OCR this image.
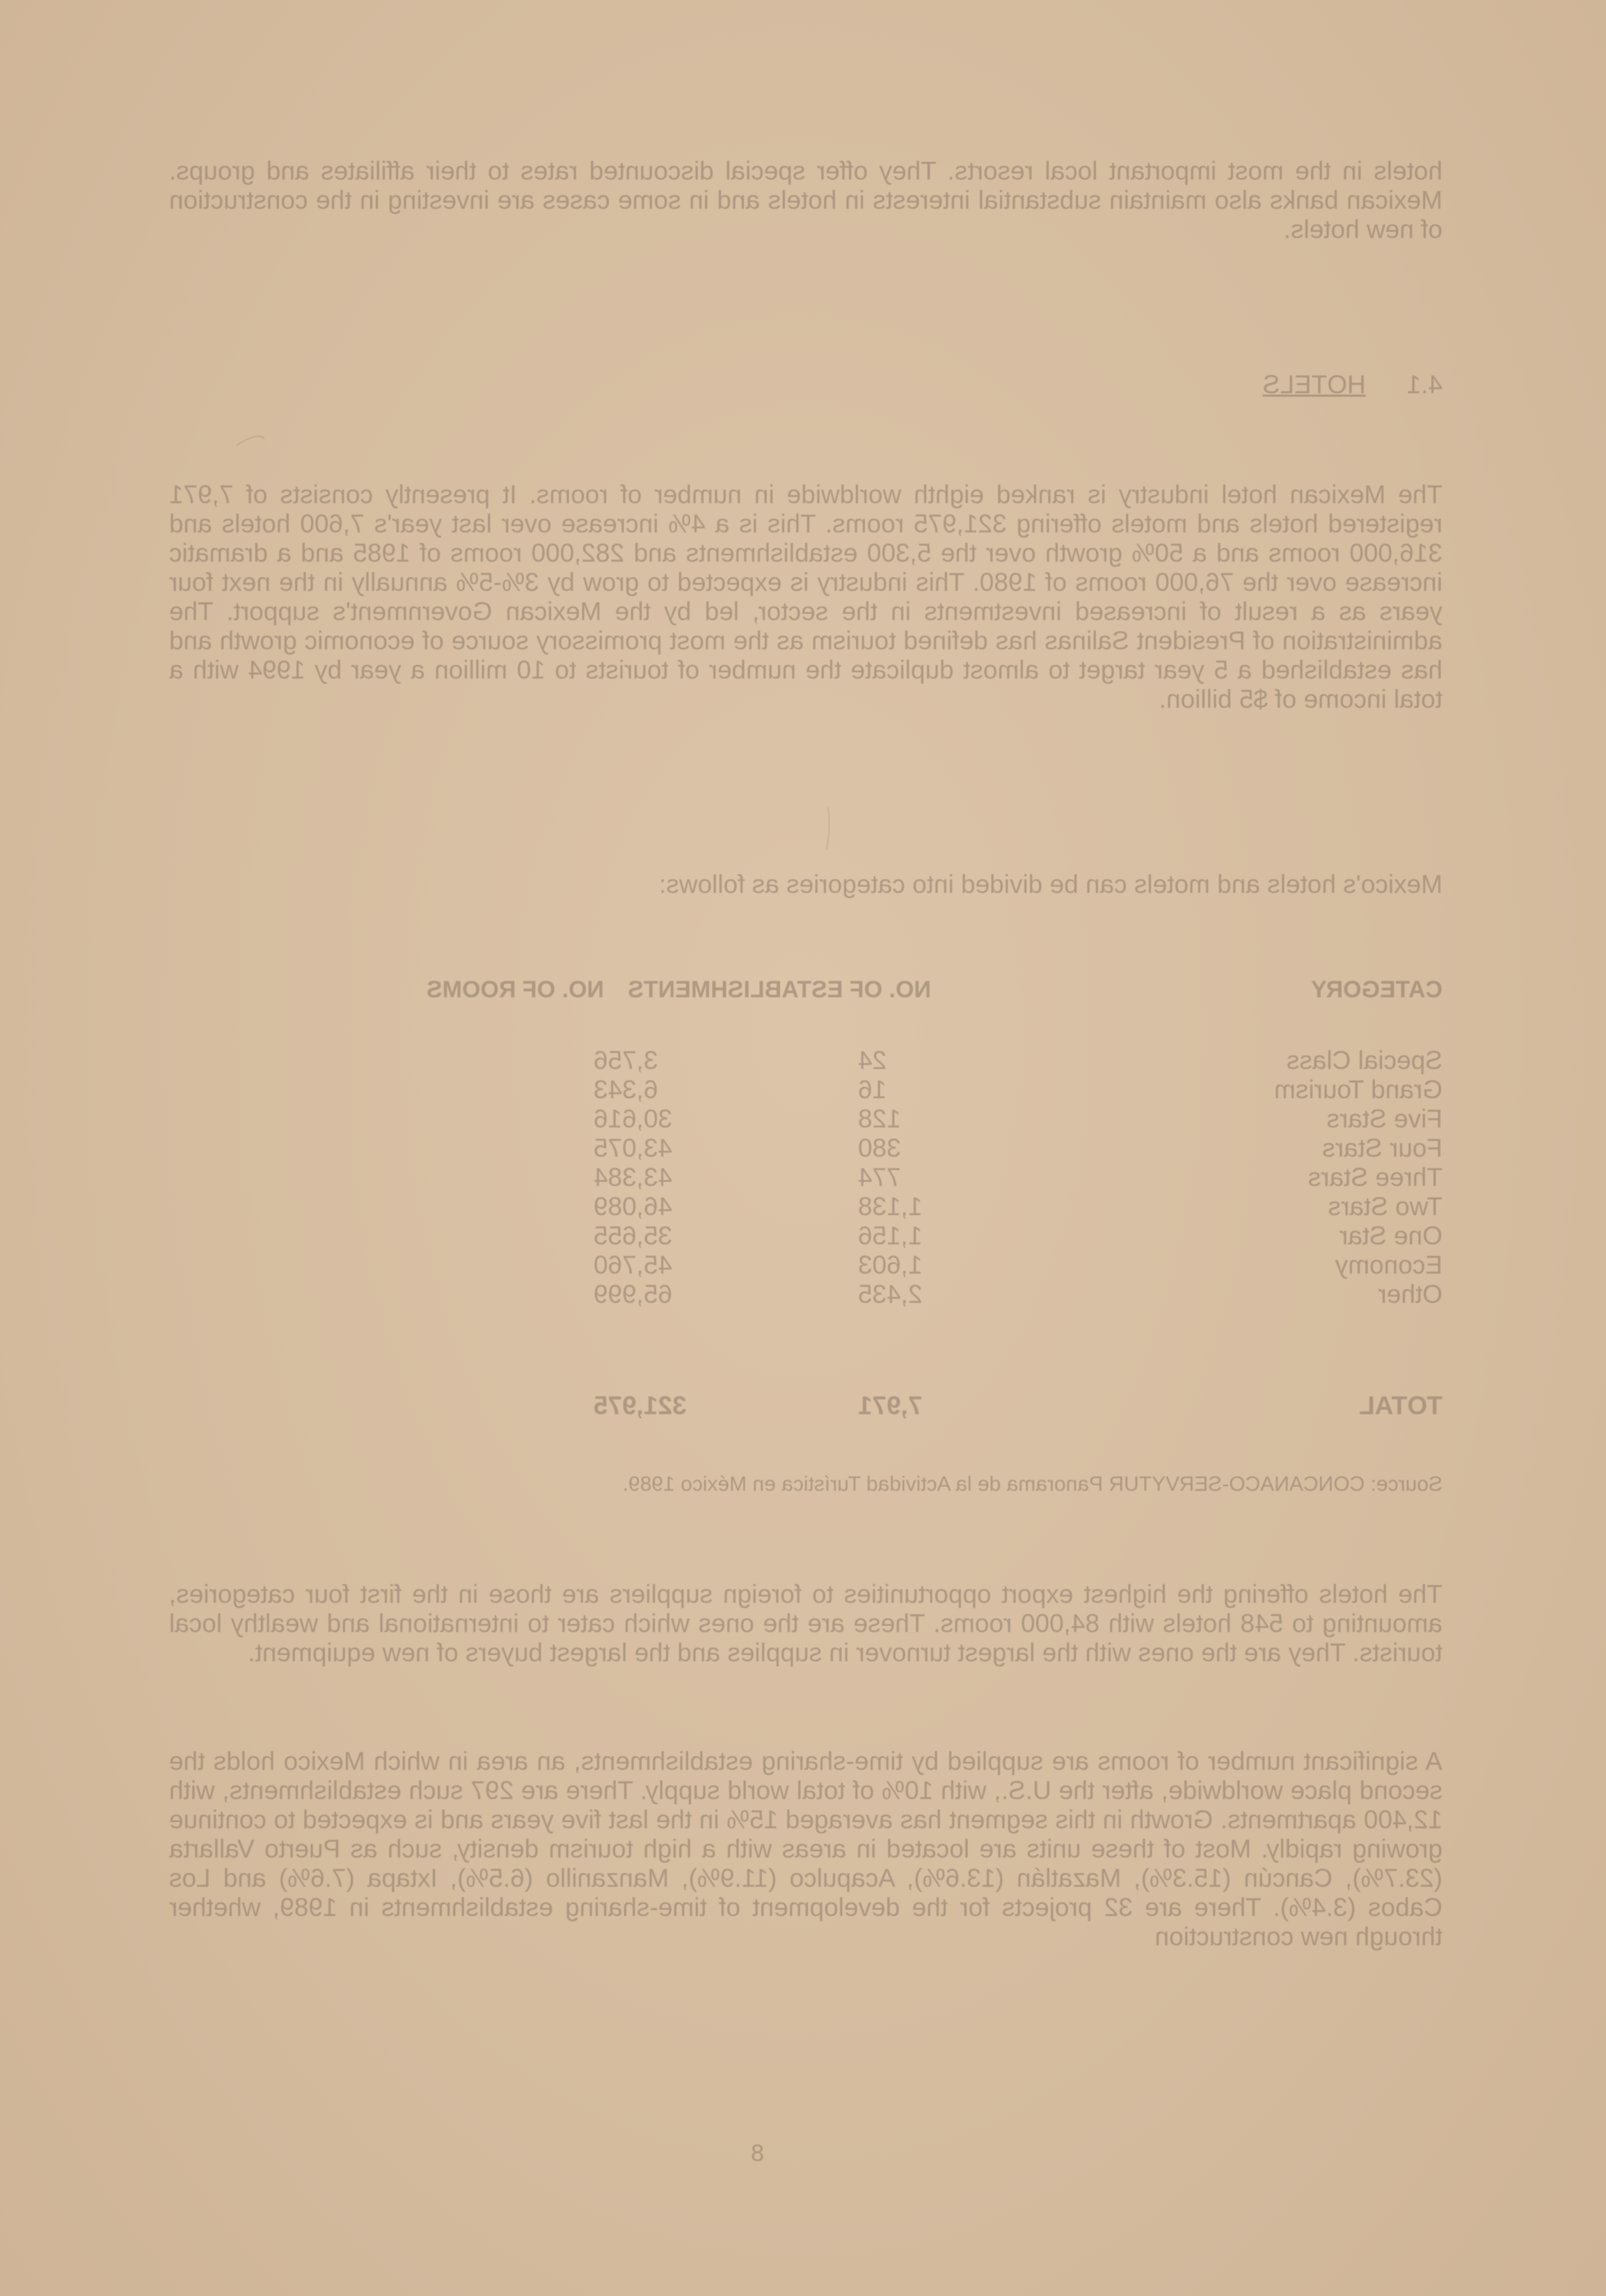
hotels in the most important local resorts. They offer special discounted rates to their affiliates and groups. Mexican banks also maintain substantial interests in hotels and in some cases are investing in the construction of new hotels.
4.1 HOTELS
The Mexican hotel industry is ranked eighth worldwide in number of rooms. It presently consists of 7,971 registered hotels and motels offering 321,975 rooms. This is a 4% increase over last year's 7,600 hotels and 316,000 rooms and a 50% growth over the 5,300 establishments and 282,000 rooms of 1985 and a dramatic increase over the 76,000 rooms of 1980. This industry is expected to grow by 3%-5% annually in the next four years as a result of increased investments in the sector, led by the Mexican Government's support. The administration of President Salinas has defined tourism as the most promissory source of economic growth and has established a 5 year target to almost duplicate the number of tourists to 10 million a year by 1994 with a total income of $5 billion.
Mexico's hotels and motels can be divided into categories as follows:
CATEGORY
NO. OF ESTABLISHMENTS
NO. OF ROOMS
Special Class
24
3,756
Grand Tourism
16
6,343
Five Stars
128
30,616
Four Stars
380
43,075
Three Stars
774
43,384
Two Stars
1,138
46,089
One Star
1,156
35,655
Economy
1,603
45,760
Other
2,435
65,999
TOTAL
7,971
321,975
Source: CONCANACO-SERVYTUR Panorama de la Actividad Turística en México 1989.
The hotels offering the highest export opportunities to foreign suppliers are those in the first four categories, amounting to 548 hotels with 84,000 rooms. These are the ones which cater to international and wealthy local tourists. They are the ones with the largest turnover in supplies and the largest buyers of new equipment.
A significant number of rooms are supplied by time-sharing establishments, an area in which Mexico holds the second place worldwide, after the U.S., with 10% of total world supply. There are 297 such establishments, with 12,400 apartments. Growth in this segment has averaged 15% in the last five years and is expected to continue growing rapidly. Most of these units are located in areas with a high tourism density, such as Puerto Vallarta (23.7%), Cancún (15.3%), Mazatlán (13.6%), Acapulco (11.9%), Manzanillo (6.5%), Ixtapa (7.6%) and Los Cabos (3.4%). There are 32 projects for the development of time-sharing establishments in 1989, whether through new construction
8
